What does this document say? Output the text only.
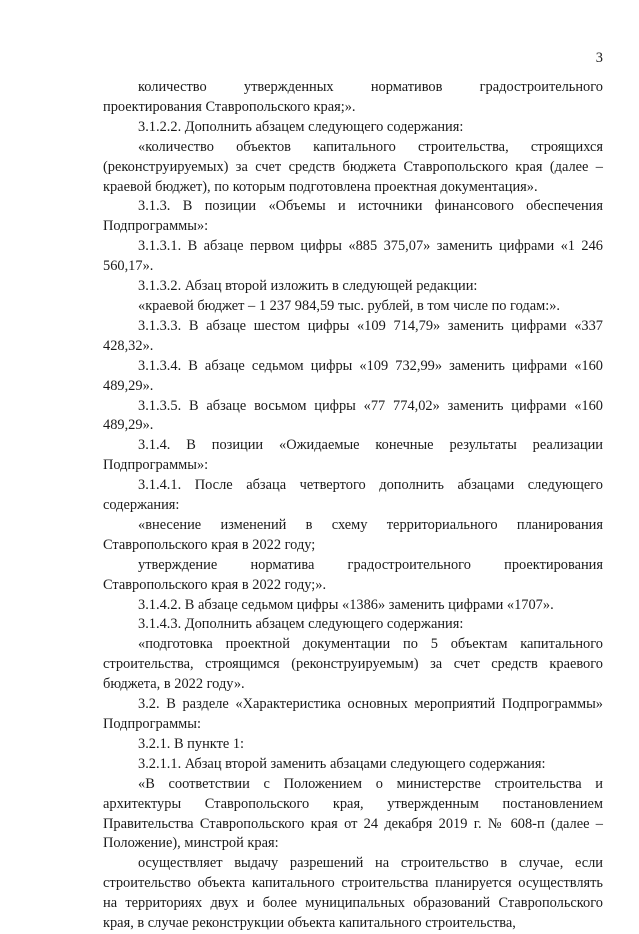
3

количество утвержденных нормативов градостроительного проектирования Ставропольского края;».

3.1.2.2. Дополнить абзацем следующего содержания:

«количество объектов капитального строительства, строящихся (реконструируемых) за счет средств бюджета Ставропольского края (далее – краевой бюджет), по которым подготовлена проектная документация».

3.1.3. В позиции «Объемы и источники финансового обеспечения Подпрограммы»:

3.1.3.1. В абзаце первом цифры «885 375,07» заменить цифрами «1 246 560,17».

3.1.3.2. Абзац второй изложить в следующей редакции:

«краевой бюджет – 1 237 984,59 тыс. рублей, в том числе по годам:».

3.1.3.3. В абзаце шестом цифры «109 714,79» заменить цифрами «337 428,32».

3.1.3.4. В абзаце седьмом цифры «109 732,99» заменить цифрами «160 489,29».

3.1.3.5. В абзаце восьмом цифры «77 774,02» заменить цифрами «160 489,29».

3.1.4. В позиции «Ожидаемые конечные результаты реализации Подпрограммы»:

3.1.4.1. После абзаца четвертого дополнить абзацами следующего содержания:

«внесение изменений в схему территориального планирования Ставропольского края в 2022 году;

утверждение норматива градостроительного проектирования Ставропольского края в 2022 году;».

3.1.4.2. В абзаце седьмом цифры «1386» заменить цифрами «1707».

3.1.4.3. Дополнить абзацем следующего содержания:

«подготовка проектной документации по 5 объектам капитального строительства, строящимся (реконструируемым) за счет средств краевого бюджета, в 2022 году».

3.2. В разделе «Характеристика основных мероприятий Подпрограммы» Подпрограммы:

3.2.1. В пункте 1:

3.2.1.1. Абзац второй заменить абзацами следующего содержания:

«В соответствии с Положением о министерстве строительства и архитектуры Ставропольского края, утвержденным постановлением Правительства Ставропольского края от 24 декабря 2019 г. № 608-п (далее – Положение), минстрой края:

осуществляет выдачу разрешений на строительство в случае, если строительство объекта капитального строительства планируется осуществлять на территориях двух и более муниципальных образований Ставропольского края, в случае реконструкции объекта капитального строительства,
